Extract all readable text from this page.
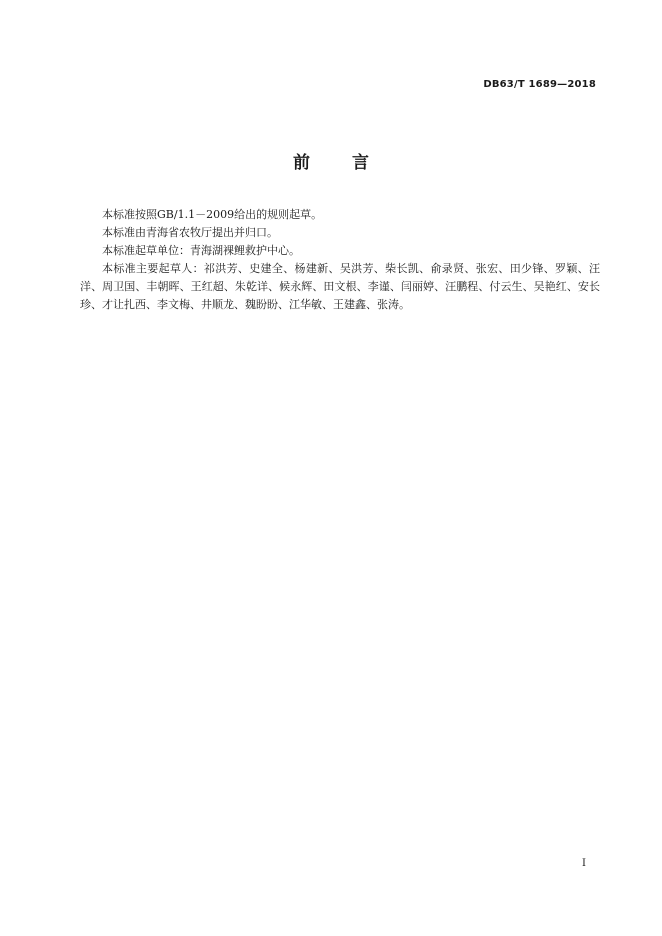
DB63/T 1689—2018
前言

本标准按照GB/1.1－2009给出的规则起草。

本标准由青海省农牧厅提出并归口。

本标准起草单位：青海湖裸鲤救护中心。

本标准主要起草人：祁洪芳、史建全、杨建新、吴洪芳、柴长凯、俞录贤、张宏、田少锋、罗颖、汪洋、周卫国、丰朝晖、王红超、朱乾详、候永辉、田文根、李谨、闫丽婷、汪鹏程、付云生、吴艳红、安长珍、才让扎西、李文梅、井顺龙、魏盼盼、江华敏、王建鑫、张涛。

I
